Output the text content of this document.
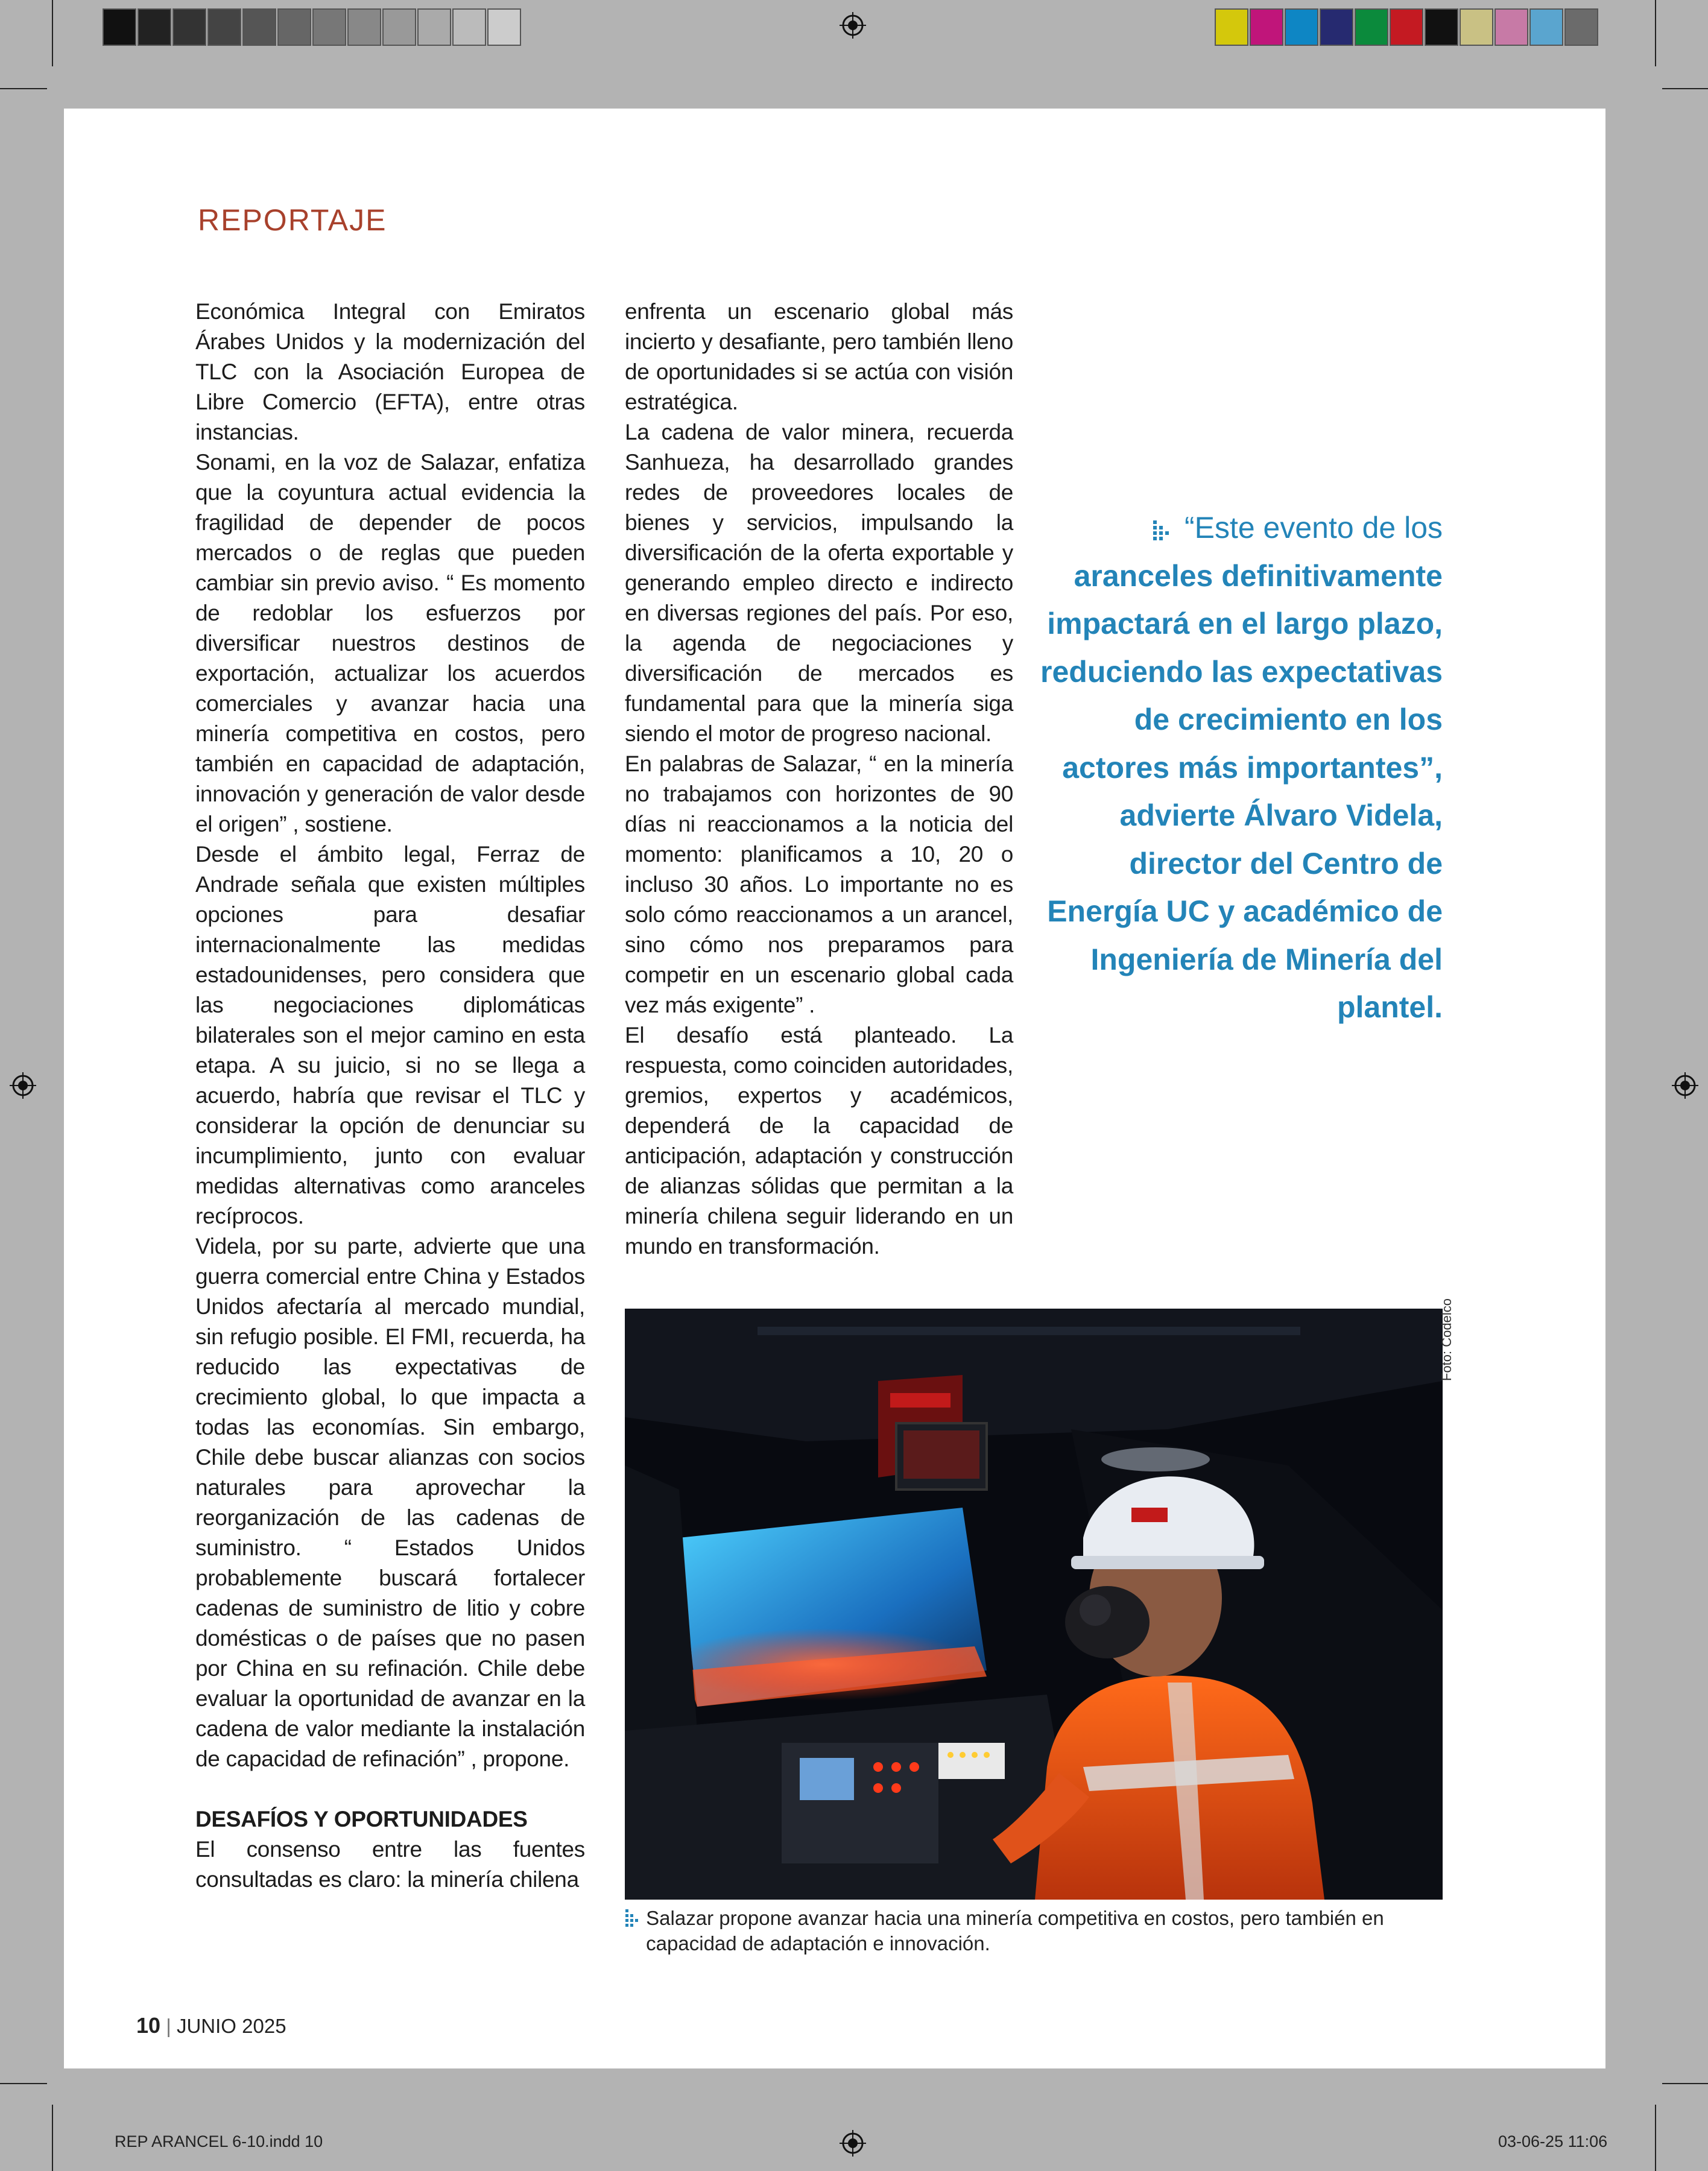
REPORTAJE

Económica Integral con Emiratos Árabes Unidos y la modernización del TLC con la Asociación Europea de Libre Comercio (EFTA), entre otras instancias.

Sonami, en la voz de Salazar, enfatiza que la coyuntura actual evidencia la fragilidad de depender de pocos mercados o de reglas que pueden cambiar sin previo aviso. “ Es momento de redoblar los esfuerzos por diversificar nuestros destinos de exportación, actualizar los acuerdos comerciales y avanzar hacia una minería competitiva en costos, pero también en capacidad de adaptación, innovación y generación de valor desde el origen” , sostiene.

Desde el ámbito legal, Ferraz de Andrade señala que existen múltiples opciones para desafiar internacionalmente las medidas estadounidenses, pero considera que las negociaciones diplomáticas bilaterales son el mejor camino en esta etapa. A su juicio, si no se llega a acuerdo, habría que revisar el TLC y considerar la opción de denunciar su incumplimiento, junto con evaluar medidas alternativas como aranceles recíprocos.

Videla, por su parte, advierte que una guerra comercial entre China y Estados Unidos afectaría al mercado mundial, sin refugio posible. El FMI, recuerda, ha reducido las expectativas de crecimiento global, lo que impacta a todas las economías. Sin embargo, Chile debe buscar alianzas con socios naturales para aprovechar la reorganización de las cadenas de suministro. “ Estados Unidos probablemente buscará fortalecer cadenas de suministro de litio y cobre domésticas o de países que no pasen por China en su refinación. Chile debe evaluar la oportunidad de avanzar en la cadena de valor mediante la instalación de capacidad de refinación” , propone.

DESAFÍOS Y OPORTUNIDADES

El consenso entre las fuentes consultadas es claro: la minería chilena

enfrenta un escenario global más incierto y desafiante, pero también lleno de oportunidades si se actúa con visión estratégica.

La cadena de valor minera, recuerda Sanhueza, ha desarrollado grandes redes de proveedores locales de bienes y servicios, impulsando la diversificación de la oferta exportable y generando empleo directo e indirecto en diversas regiones del país. Por eso, la agenda de negociaciones y diversificación de mercados es fundamental para que la minería siga siendo el motor de progreso nacional.

En palabras de Salazar, “ en la minería no trabajamos con horizontes de 90 días ni reaccionamos a la noticia del momento: planificamos a 10, 20 o incluso 30 años. Lo importante no es solo cómo reaccionamos a un arancel, sino cómo nos preparamos para competir en un escenario global cada vez más exigente” .

El desafío está planteado. La respuesta, como coinciden autoridades, gremios, expertos y académicos, dependerá de la capacidad de anticipación, adaptación y construcción de alianzas sólidas que permitan a la minería chilena seguir liderando en un mundo en transformación.

“Este evento de los aranceles definitivamente impactará en el largo plazo, reduciendo las expectativas de crecimiento en los actores más importantes”, advierte Álvaro Videla, director del Centro de Energía UC y académico de Ingeniería de Minería del plantel.
Foto: Codelco
Salazar propone avanzar hacia una minería competitiva en costos, pero también en capacidad de adaptación e innovación.
10 | JUNIO 2025
REP ARANCEL 6-10.indd 10	03-06-25 11:06
